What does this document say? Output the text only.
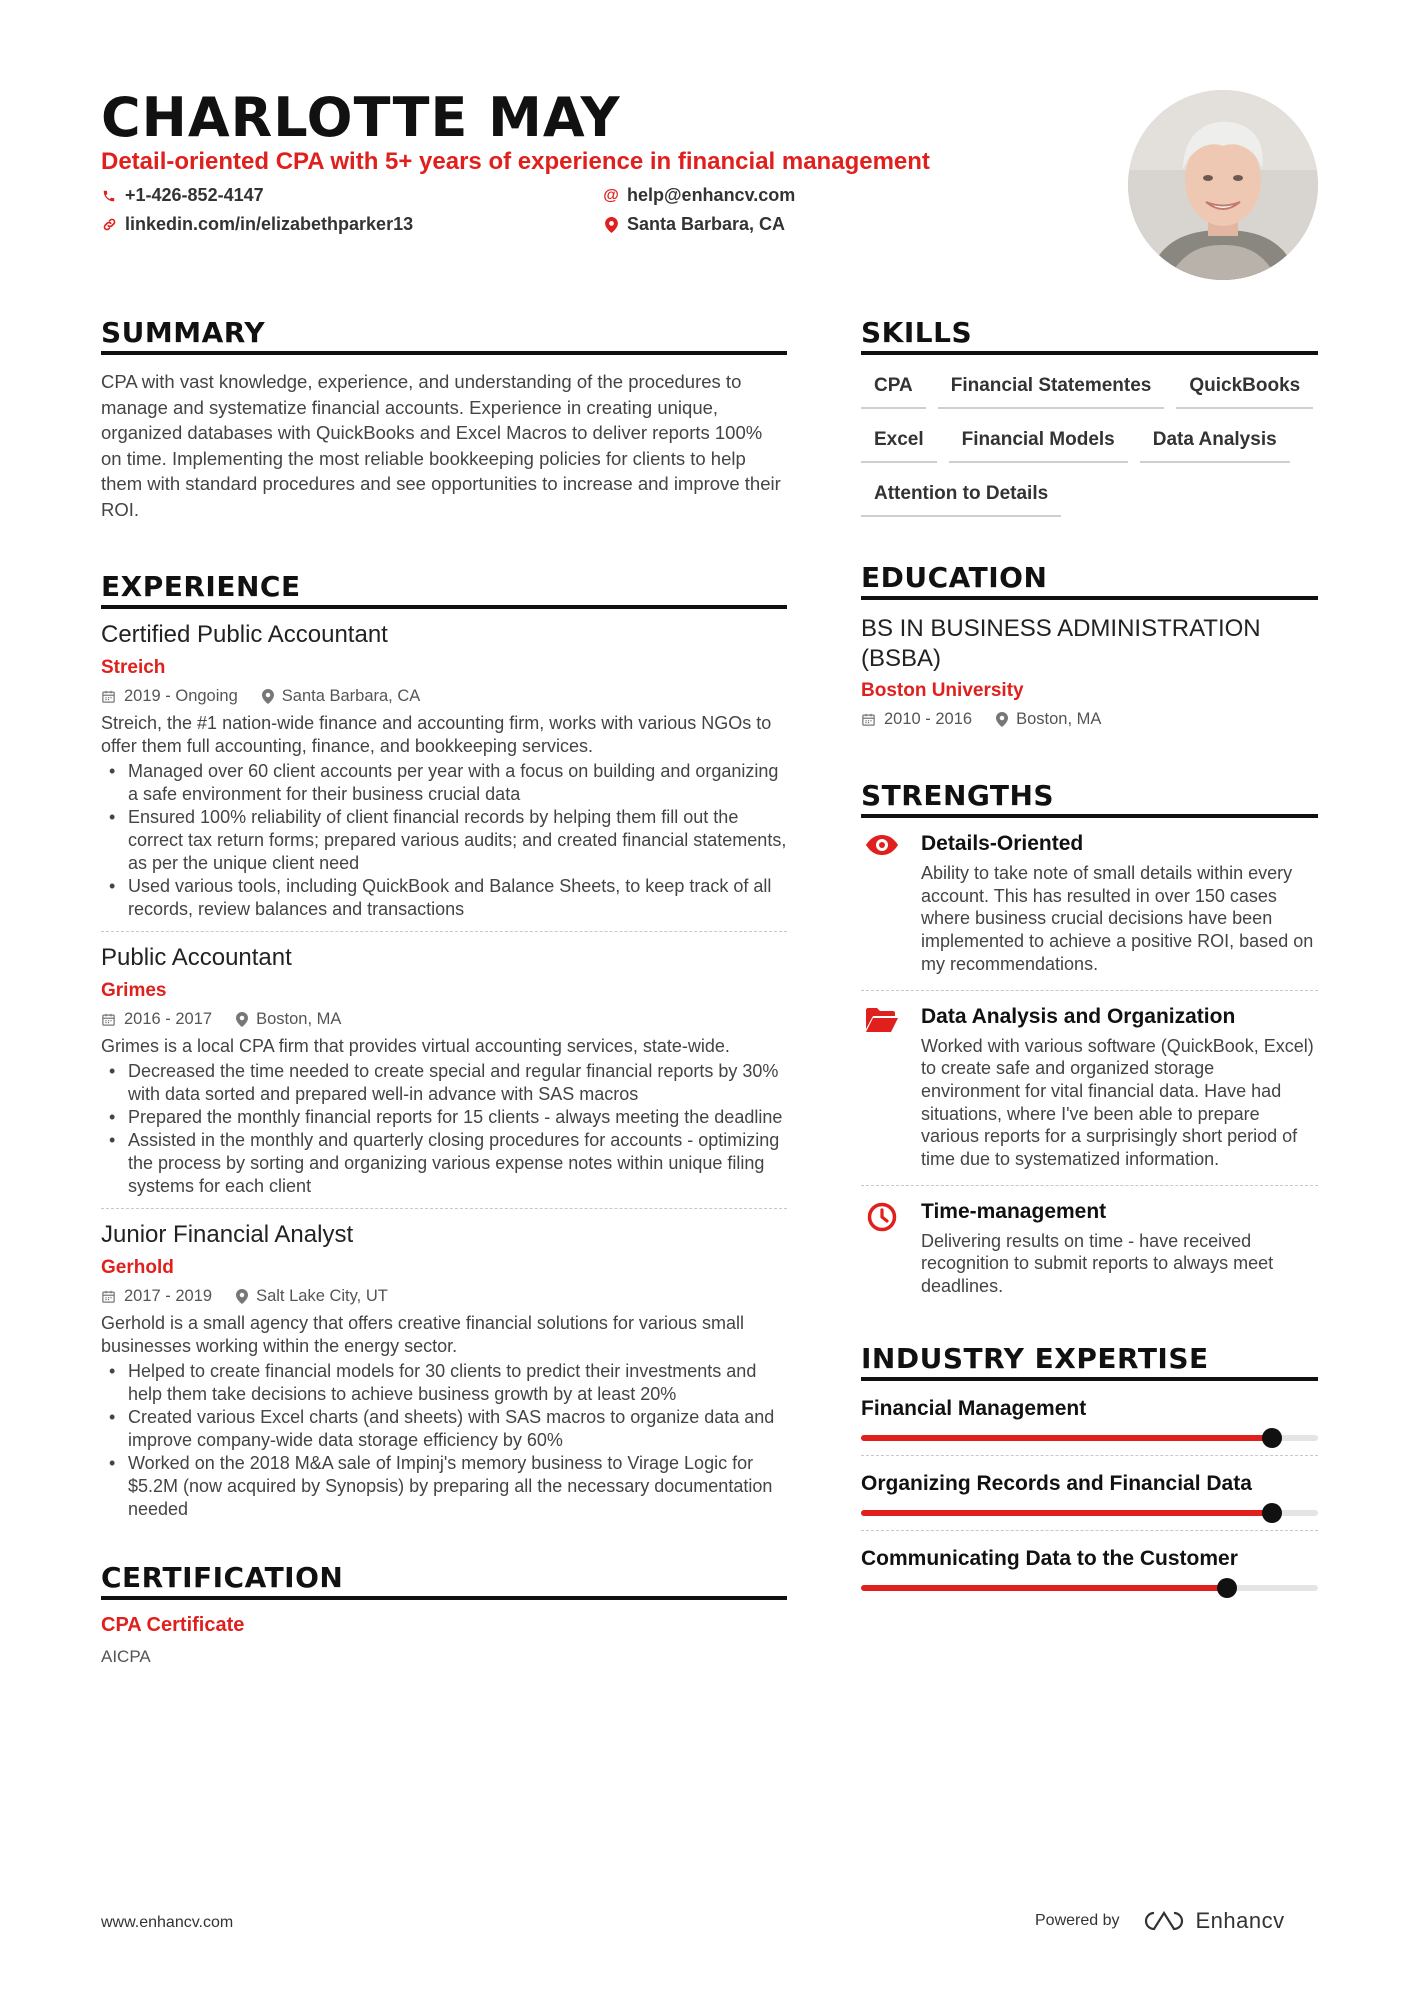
CHARLOTTE MAY
Detail-oriented CPA with 5+ years of experience in financial management
+1-426-852-4147	@ help@enhancv.com
linkedin.com/in/elizabethparker13	Santa Barbara, CA
SUMMARY

CPA with vast knowledge, experience, and understanding of the procedures to manage and systematize financial accounts. Experience in creating unique, organized databases with QuickBooks and Excel Macros to deliver reports 100% on time. Implementing the most reliable bookkeeping policies for clients to help them with standard procedures and see opportunities to increase and improve their ROI.

EXPERIENCE
Certified Public Accountant
Streich
2019 - Ongoing	Santa Barbara, CA

Streich, the #1 nation-wide finance and accounting firm, works with various NGOs to offer them full accounting, finance, and bookkeeping services.

• Managed over 60 client accounts per year with a focus on building and organizing a safe environment for their business crucial data
• Ensured 100% reliability of client financial records by helping them fill out the correct tax return forms; prepared various audits; and created financial statements, as per the unique client need
• Used various tools, including QuickBook and Balance Sheets, to keep track of all records, review balances and transactions
Public Accountant
Grimes
2016 - 2017	Boston, MA

Grimes is a local CPA firm that provides virtual accounting services, state-wide.

• Decreased the time needed to create special and regular financial reports by 30% with data sorted and prepared well-in advance with SAS macros
• Prepared the monthly financial reports for 15 clients - always meeting the deadline
• Assisted in the monthly and quarterly closing procedures for accounts - optimizing the process by sorting and organizing various expense notes within unique filing systems for each client
Junior Financial Analyst
Gerhold
2017 - 2019	Salt Lake City, UT

Gerhold is a small agency that offers creative financial solutions for various small businesses working within the energy sector.

• Helped to create financial models for 30 clients to predict their investments and help them take decisions to achieve business growth by at least 20%
• Created various Excel charts (and sheets) with SAS macros to organize data and improve company-wide data storage efficiency by 60%
• Worked on the 2018 M&A sale of Impinj's memory business to Virage Logic for $5.2M (now acquired by Synopsis) by preparing all the necessary documentation needed
CERTIFICATION
CPA Certificate
AICPA
SKILLS
CPA	Financial Statementes	QuickBooks
Excel	Financial Models	Data Analysis
Attention to Details
EDUCATION
BS IN BUSINESS ADMINISTRATION (BSBA)
Boston University
2010 - 2016	Boston, MA
STRENGTHS
Details-Oriented
Ability to take note of small details within every account. This has resulted in over 150 cases where business crucial decisions have been implemented to achieve a positive ROI, based on my recommendations.
Data Analysis and Organization
Worked with various software (QuickBook, Excel) to create safe and organized storage environment for vital financial data. Have had situations, where I've been able to prepare various reports for a surprisingly short period of time due to systematized information.
Time-management
Delivering results on time - have received recognition to submit reports to always meet deadlines.
INDUSTRY EXPERTISE
Financial Management
Organizing Records and Financial Data
Communicating Data to the Customer
www.enhancv.com	Powered by	Enhancv
